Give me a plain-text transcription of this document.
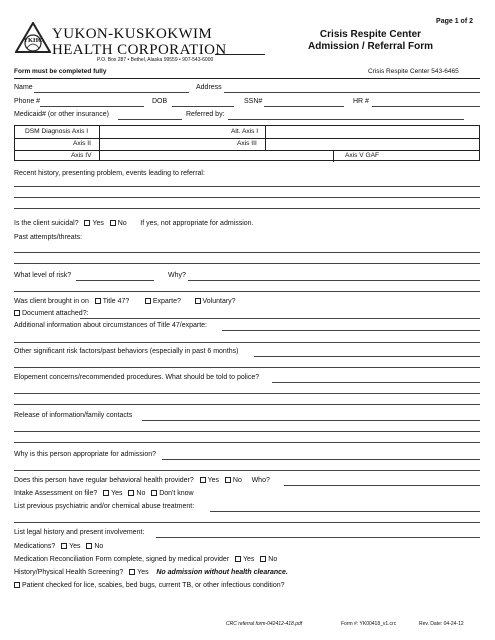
Page 1 of 2
YKHC YUKON-KUSKOKWIM
HEALTH CORPORATION
P.O. Box 287 • Bethel, Alaska 99559 • 907-543-6000
Crisis Respite Center
Admission / Referral Form
Form must be completed fully	Crisis Respite Center 543-6465
Name	Address
Phone #	DOB	SSN#	HR #
Medicaid# (or other insurance)	Referred by:
DSM Diagnosis Axis I	Alt. Axis I
Axis II	Axis III
Axis IV	Axis V GAF
Recent history, presenting problem, events leading to referral:
Is the client suicidal? Yes No If yes, not appropriate for admission.
Past attempts/threats:
What level of risk?	Why?
Was client brought in on Title 47?	Exparte?	Voluntary?
Document attached?:
Additional information about circumstances of Title 47/exparte:
Other significant risk factors/past behaviors (especially in past 6 months)
Elopement concerns/recommended procedures. What should be told to police?
Release of information/family contacts
Why is this person appropriate for admission?
Does this person have regular behavioral health provider? Yes No Who?
Intake Assessment on file? Yes No Don't know
List previous psychiatric and/or chemical abuse treatment:
List legal history and present involvement:
Medications? Yes No
Medication Reconciliation Form complete, signed by medical provider Yes No
History/Physical Health Screening? Yes No admission without health clearance.
Patient checked for lice, scabies, bed bugs, current TB, or other infectious condition?
CRC referral form-042412-418.pdf	Form #: YK00418_v1.crc	Rev. Date: 04-24-12
